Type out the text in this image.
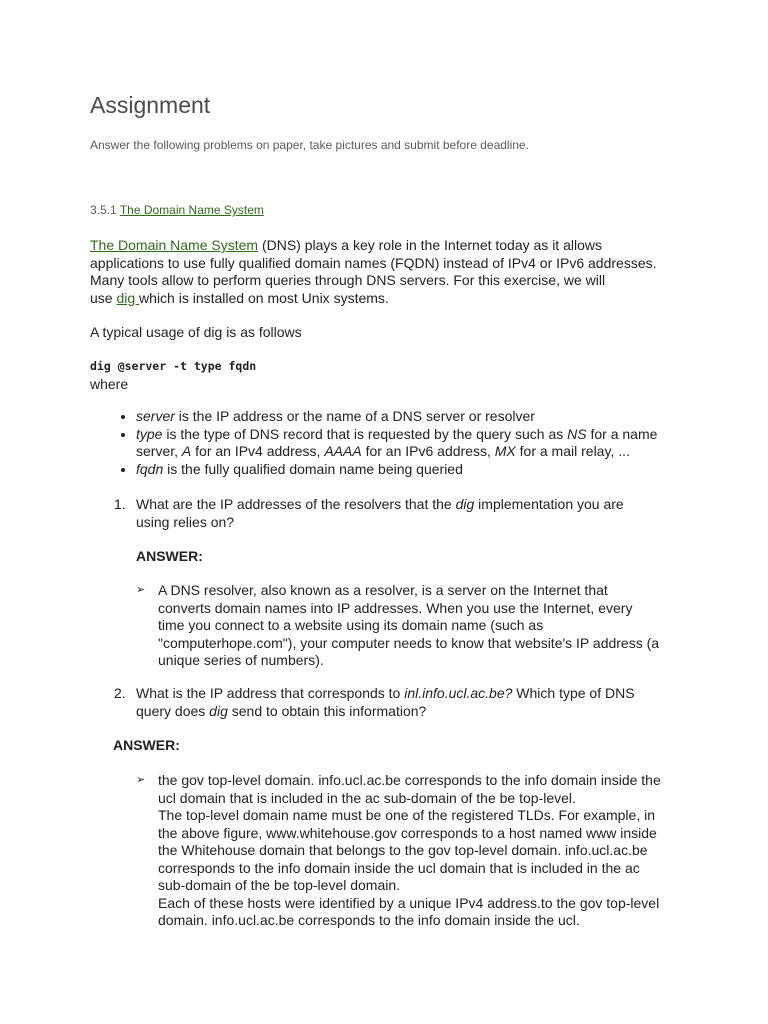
Assignment
Answer the following problems on paper, take pictures and submit before deadline.
3.5.1 The Domain Name System
The Domain Name System (DNS) plays a key role in the Internet today as it allows
applications to use fully qualified domain names (FQDN) instead of IPv4 or IPv6 addresses.
Many tools allow to perform queries through DNS servers. For this exercise, we will
use dig which is installed on most Unix systems.
A typical usage of dig is as follows
dig @server -t type fqdn
where
• server is the IP address or the name of a DNS server or resolver
• type is the type of DNS record that is requested by the query such as NS for a name
server, A for an IPv4 address, AAAA for an IPv6 address, MX for a mail relay, ...
• fqdn is the fully qualified domain name being queried
1. What are the IP addresses of the resolvers that the dig implementation you are
using relies on?
ANSWER:
➢ A DNS resolver, also known as a resolver, is a server on the Internet that
converts domain names into IP addresses. When you use the Internet, every
time you connect to a website using its domain name (such as
"computerhope.com"), your computer needs to know that website's IP address (a
unique series of numbers).
2. What is the IP address that corresponds to inl.info.ucl.ac.be? Which type of DNS
query does dig send to obtain this information?
ANSWER:
➢ the gov top-level domain. info.ucl.ac.be corresponds to the info domain inside the
ucl domain that is included in the ac sub-domain of the be top-level.
The top-level domain name must be one of the registered TLDs. For example, in
the above figure, www.whitehouse.gov corresponds to a host named www inside
the Whitehouse domain that belongs to the gov top-level domain. info.ucl.ac.be
corresponds to the info domain inside the ucl domain that is included in the ac
sub-domain of the be top-level domain.
Each of these hosts were identified by a unique IPv4 address.to the gov top-level
domain. info.ucl.ac.be corresponds to the info domain inside the ucl.
